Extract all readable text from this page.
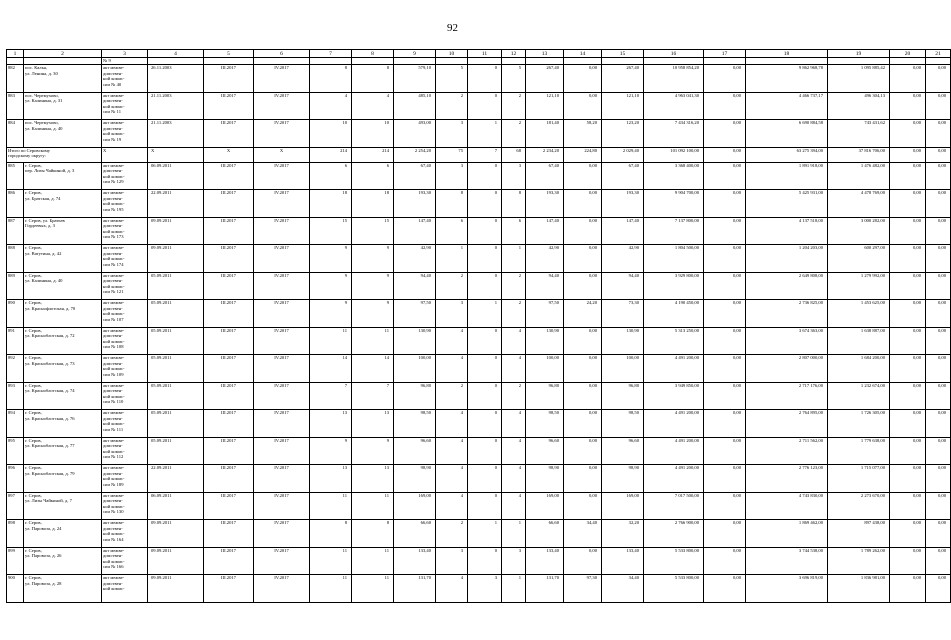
92
1	2	3	4	5	6	7	8	9	10	11	12	13	14	15	16	17	18	19	20	21
		№ 9																		
882	пос. Калья,
ул. Ленина, д. 30	акт межве-
домствен-
ной комис-
сии № 40	26.11.2003	III.2017	IV.2017	8	8	579,10	5	0	5	267,40	0,00	267,40	10 958 854,20	0,00	9 862 968,78	1 095 885,42	0,00	0,00
883	пос. Черемухово,
ул. Калинина, д. 31	акт межве-
домствен-
ной комис-
сии № 11	21.11.2003	III.2017	IV.2017	4	4	485,10	2	0	2	121,10	0,00	121,10	4 963 041,30	0,00	4 466 737,17	496 304,13	0,00	0,00
884	пос. Черемухово,
ул. Калинина, д. 40	акт межве-
домствен-
ной комис-
сии № 19	21.11.2003	III.2017	IV.2017	10	10	493,00	3	1	2	181,40	58,20	123,20	7 434 316,20	0,00	6 690 884,58	743 431,62	0,00	0,00
Итого по Серовскому
городскому округу:		X	X	X	X	214	214	2 254,20	75	7	68	2 234,20	224,80	2 029,40	101 092 100,00	0,00	63 275 394,00	37 816 706,00	0,00	0,00
885	г. Серов,
пер. Лизы Чайкиной, д. 3	акт межве-
домствен-
ной комис-
сии № 129	06.09.2011	III.2017	IV.2017	6	6	67,40	3	0	3	67,40	0,00	67,40	3 368 400,00	0,00	1 891 918,00	1 476 482,00	0,00	0,00
886	г. Серов,
ул. Братская, д. 74	акт межве-
домствен-
ной комис-
сии № 195	22.09.2011	III.2017	IV.2017	18	18	193,30	8	0	8	193,30	0,00	193,30	9 904 700,00	0,00	5 425 931,00	4 478 769,00	0,00	0,00
887	г. Серов, ул. Братьев
Гордеевых, д. 3	акт межве-
домствен-
ной комис-
сии № 173	09.09.2011	III.2017	IV.2017	15	15	147,40	6	0	6	147,40	0,00	147,40	7 137 800,00	0,00	4 137 518,00	3 000 282,00	0,00	0,00
888	г. Серов,
ул. Ватутина, д. 42	акт межве-
домствен-
ной комис-
сии № 174	09.09.2011	III.2017	IV.2017	9	9	42,90	1	0	1	42,90	0,00	42,90	1 804 500,00	0,00	1 204 203,00	600 297,00	0,00	0,00
889	г. Серов,
ул. Калинина, д. 40	акт межве-
домствен-
ной комис-
сии № 121	05.09.2011	III.2017	IV.2017	9	9	94,40	2	0	2	94,40	0,00	94,40	3 929 800,00	0,00	2 649 808,00	1 279 992,00	0,00	0,00
890	г. Серов,
ул. Краснофлотская, д. 70	акт межве-
домствен-
ной комис-
сии № 107	05.09.2011	III.2017	IV.2017	9	9	97,50	3	1	2	97,50	24,20	73,30	4 190 450,00	0,00	2 736 825,00	1 453 625,00	0,00	0,00
891	г. Серов,
ул. Красноблотская, д. 72	акт межве-
домствен-
ной комис-
сии № 108	05.09.2011	III.2017	IV.2017	11	11	130,90	4	0	4	130,90	0,00	130,90	5 313 250,00	0,00	3 674 363,00	1 638 887,00	0,00	0,00
892	г. Серов,
ул. Красноблотская, д. 73	акт межве-
домствен-
ной комис-
сии № 109	05.09.2011	III.2017	IV.2017	14	14	100,00	4	0	4	100,00	0,00	100,00	4 491 200,00	0,00	2 807 000,00	1 684 200,00	0,00	0,00
893	г. Серов,
ул. Красноблотская, д. 74	акт межве-
домствен-
ной комис-
сии № 110	05.09.2011	III.2017	IV.2017	7	7	96,80	2	0	2	96,80	0,00	96,80	3 949 850,00	0,00	2 717 176,00	1 232 674,00	0,00	0,00
894	г. Серов,
ул. Красноблотская, д. 76	акт межве-
домствен-
ной комис-
сии № 111	05.09.2011	III.2017	IV.2017	13	13	98,50	4	0	4	98,50	0,00	98,50	4 491 200,00	0,00	2 764 895,00	1 726 305,00	0,00	0,00
895	г. Серов,
ул. Красноблотская, д. 77	акт межве-
домствен-
ной комис-
сии № 112	05.09.2011	III.2017	IV.2017	9	9	96,60	4	0	4	96,60	0,00	96,60	4 491 200,00	0,00	2 711 562,00	1 779 638,00	0,00	0,00
896	г. Серов,
ул. Красноблотская, д. 79	акт межве-
домствен-
ной комис-
сии № 189	22.09.2011	III.2017	IV.2017	13	13	98,90	4	0	4	98,90	0,00	98,90	4 491 200,00	0,00	2 776 123,00	1 715 077,00	0,00	0,00
897	г. Серов,
ул. Лизы Чайкиной, д. 7	акт межве-
домствен-
ной комис-
сии № 130	06.09.2011	III.2017	IV.2017	11	11	169,00	4	0	4	169,00	0,00	169,00	7 017 500,00	0,00	4 743 830,00	2 273 670,00	0,00	0,00
898	г. Серов,
ул. Паровоза, д. 24	акт межве-
домствен-
ной комис-
сии № 164	09.09.2011	III.2017	IV.2017	8	8	66,60	2	1	1	66,60	34,40	32,20	2 766 900,00	0,00	1 869 462,00	897 438,00	0,00	0,00
899	г. Серов,
ул. Паровоза, д. 26	акт межве-
домствен-
ной комис-
сии № 166	09.09.2011	III.2017	IV.2017	11	11	133,40	3	0	3	133,40	0,00	133,40	5 533 800,00	0,00	3 744 538,00	1 789 262,00	0,00	0,00
900	г. Серов,
ул. Паровоза, д. 28	акт межве-
домствен-
ной комис-	09.09.2011	III.2017	IV.2017	11	11	131,70	4	3	1	131,70	97,30	34,40	5 533 800,00	0,00	3 696 819,00	1 836 981,00	0,00	0,00
